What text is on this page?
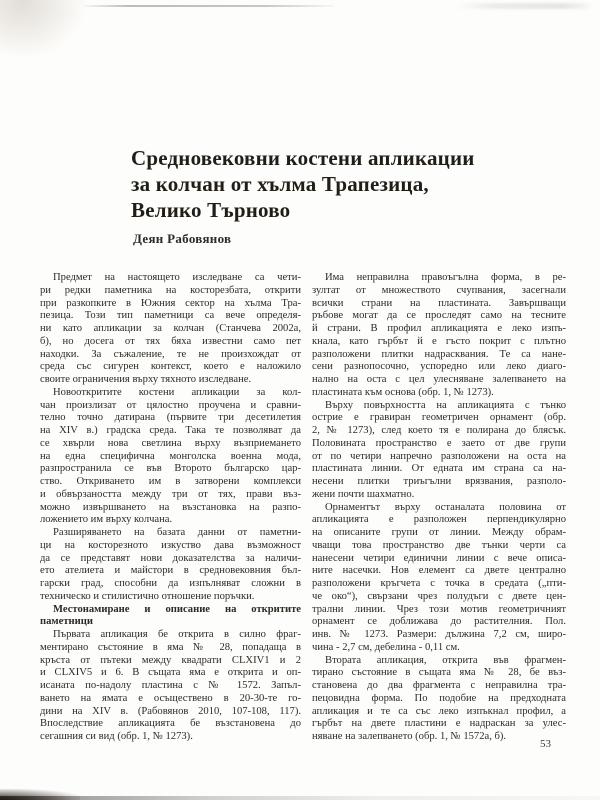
Средновековни костени апликации
за колчан от хълма Трапезица,
Велико Търново
Деян Рабовянов
Предмет на настоящето изследване са чети-
ри редки паметника на косторезбата, открити
при разкопките в Южния сектор на хълма Тра-
пезица. Този тип паметници са вече определя-
ни като апликации за колчан (Станчева 2002а,
б), но досега от тях бяха известни само пет
находки. За съжаление, те не произхождат от
среда със сигурен контекст, което е наложило
своите ограничения върху тяхното изследване.
Новооткритите костени апликации за кол-
чан произлизат от цялостно проучена и сравни-
телно точно датирана (първите три десетилетия
на XIV в.) градска среда. Така те позволяват да
се хвърли нова светлина върху възприемането
на една специфична монголска военна мода,
разпространила се във Второто българско цар-
ство. Откриването им в затворени комплекси
и обвързаността между три от тях, прави въз-
можно извършването на възстановка на разпо-
ложението им върху колчана.
Разширяването на базата данни от паметни-
ци на косторезното изкуство дава възможност
да се представят нови доказателства за наличи-
ето ателиета и майстори в средновековния бъл-
гарски град, способни да изпълняват сложни в
техническо и стилистично отношение поръчки.
Местонамиране и описание на откритите
паметници
Първата апликация бе открита в силно фраг-
ментирано състояние в яма № 28, попадаща в
кръста от пътеки между квадрати CLXIV1 и 2
и CLXIV5 и 6. В същата яма е открита и оп-
исаната по-надолу пластина с № 1572. Запъл-
ването на ямата е осъществено в 20-30-те го-
дини на XIV в. (Рабовянов 2010, 107-108, 117).
Впоследствие апликацията бе възстановена до
сегашния си вид (обр. 1, № 1273).
Има неправилна правоъгълна форма, в ре-
зултат от множеството счупвания, засегнали
всички страни на пластината. Завършващи
ръбове могат да се проследят само на тесните
й страни. В профил апликацията е леко изпъ-
кнала, като гърбът й е гъсто покрит с плътно
разположени плитки надрасквания. Те са нане-
сени разнопосочно, успоредно или леко диаго-
нално на оста с цел улесняване залепването на
пластината към основа (обр. 1, № 1273).
Върху повърхността на апликацията с тънко
острие е гравиран геометричен орнамент (обр.
2, № 1273), след което тя е полирана до блясък.
Половината пространство е заето от две групи
от по четири напречно разположени на оста на
пластината линии. От едната им страна са на-
несени плитки триъгълни врязвания, разполо-
жени почти шахматно.
Орнаментът върху останалата половина от
апликацията е разположен перпендикулярно
на описаните групи от линии. Между обрам-
чващи това пространство две тънки черти са
нанесени четири единични линии с вече описа-
ните насечки. Нов елемент са двете централно
разположени кръгчета с точка в средата („пти-
че око“), свързани чрез полудъги с двете цен-
трални линии. Чрез този мотив геометричният
орнамент се доближава до растителния. Пол.
инв. № 1273. Размери: дължина 7,2 см, широ-
чина - 2,7 см, дебелина - 0,11 см.
Втората апликация, открита във фрагмен-
тирано състояние в същата яма № 28, бе въз-
становена до два фрагмента с неправилна тра-
пецовидна форма. По подобие на предходната
апликация и те са със леко изпъкнал профил, а
гърбът на двете пластини е надраскан за улес-
няване на залепването (обр. 1, № 1572а, б).
53
